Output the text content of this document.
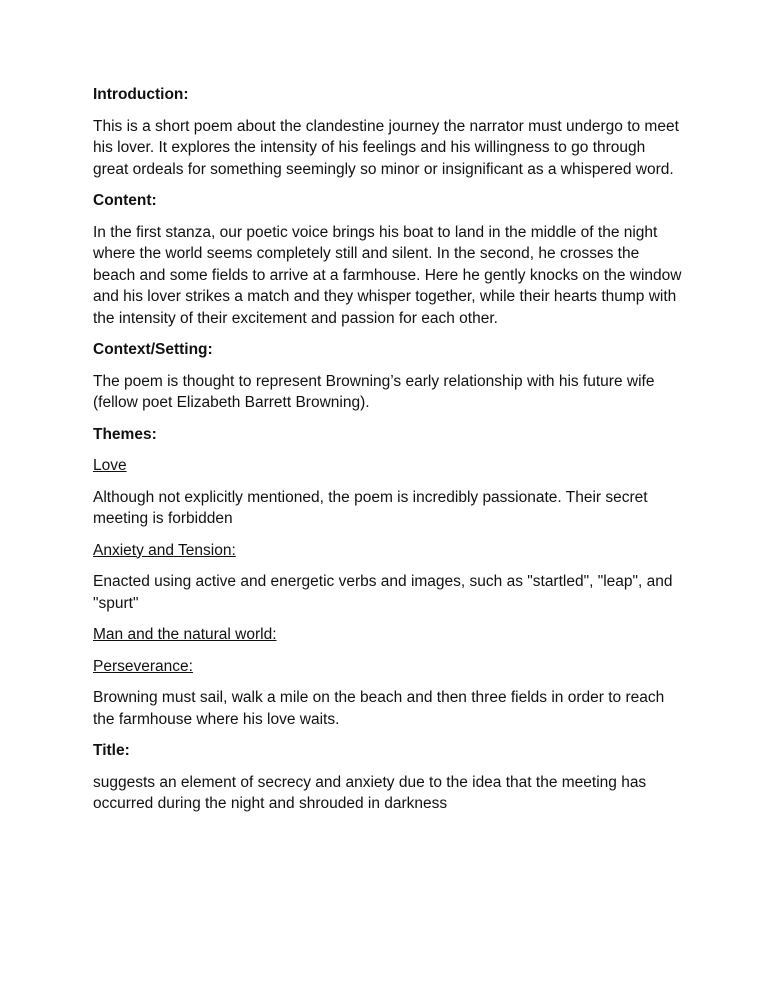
Introduction:
This is a short poem about the clandestine journey the narrator must undergo to meet his lover. It explores the intensity of his feelings and his willingness to go through great ordeals for something seemingly so minor or insignificant as a whispered word.
Content:
In the first stanza, our poetic voice brings his boat to land in the middle of the night where the world seems completely still and silent. In the second, he crosses the beach and some fields to arrive at a farmhouse. Here he gently knocks on the window and his lover strikes a match and they whisper together, while their hearts thump with the intensity of their excitement and passion for each other.
Context/Setting:
The poem is thought to represent Browning’s early relationship with his future wife (fellow poet Elizabeth Barrett Browning).
Themes:
Love
Although not explicitly mentioned, the poem is incredibly passionate. Their secret meeting is forbidden
Anxiety and Tension:
Enacted using active and energetic verbs and images, such as "startled", "leap", and "spurt"
Man and the natural world:
Perseverance:
Browning must sail, walk a mile on the beach and then three fields in order to reach the farmhouse where his love waits.
Title:
suggests an element of secrecy and anxiety due to the idea that the meeting has occurred during the night and shrouded in darkness
